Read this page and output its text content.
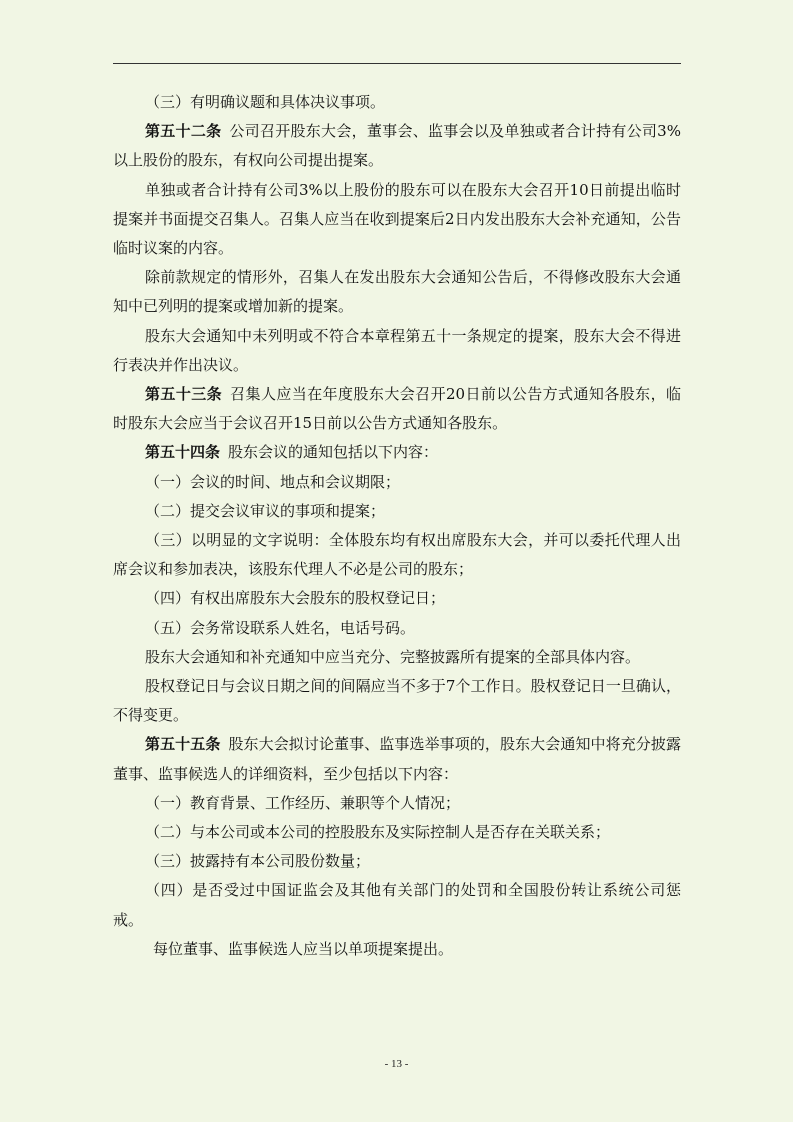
（三）有明确议题和具体决议事项。

第五十二条 公司召开股东大会，董事会、监事会以及单独或者合计持有公司3%以上股份的股东，有权向公司提出提案。

单独或者合计持有公司3%以上股份的股东可以在股东大会召开10日前提出临时提案并书面提交召集人。召集人应当在收到提案后2日内发出股东大会补充通知，公告临时议案的内容。

除前款规定的情形外，召集人在发出股东大会通知公告后，不得修改股东大会通知中已列明的提案或增加新的提案。

股东大会通知中未列明或不符合本章程第五十一条规定的提案，股东大会不得进行表决并作出决议。

第五十三条 召集人应当在年度股东大会召开20日前以公告方式通知各股东，临时股东大会应当于会议召开15日前以公告方式通知各股东。

第五十四条 股东会议的通知包括以下内容：

（一）会议的时间、地点和会议期限；

（二）提交会议审议的事项和提案；

（三）以明显的文字说明：全体股东均有权出席股东大会，并可以委托代理人出席会议和参加表决，该股东代理人不必是公司的股东；

（四）有权出席股东大会股东的股权登记日；

（五）会务常设联系人姓名，电话号码。

股东大会通知和补充通知中应当充分、完整披露所有提案的全部具体内容。

股权登记日与会议日期之间的间隔应当不多于7个工作日。股权登记日一旦确认，不得变更。

第五十五条 股东大会拟讨论董事、监事选举事项的，股东大会通知中将充分披露董事、监事候选人的详细资料，至少包括以下内容：

（一）教育背景、工作经历、兼职等个人情况；

（二）与本公司或本公司的控股股东及实际控制人是否存在关联关系；

（三）披露持有本公司股份数量；

（四）是否受过中国证监会及其他有关部门的处罚和全国股份转让系统公司惩戒。

每位董事、监事候选人应当以单项提案提出。

- 13 -
